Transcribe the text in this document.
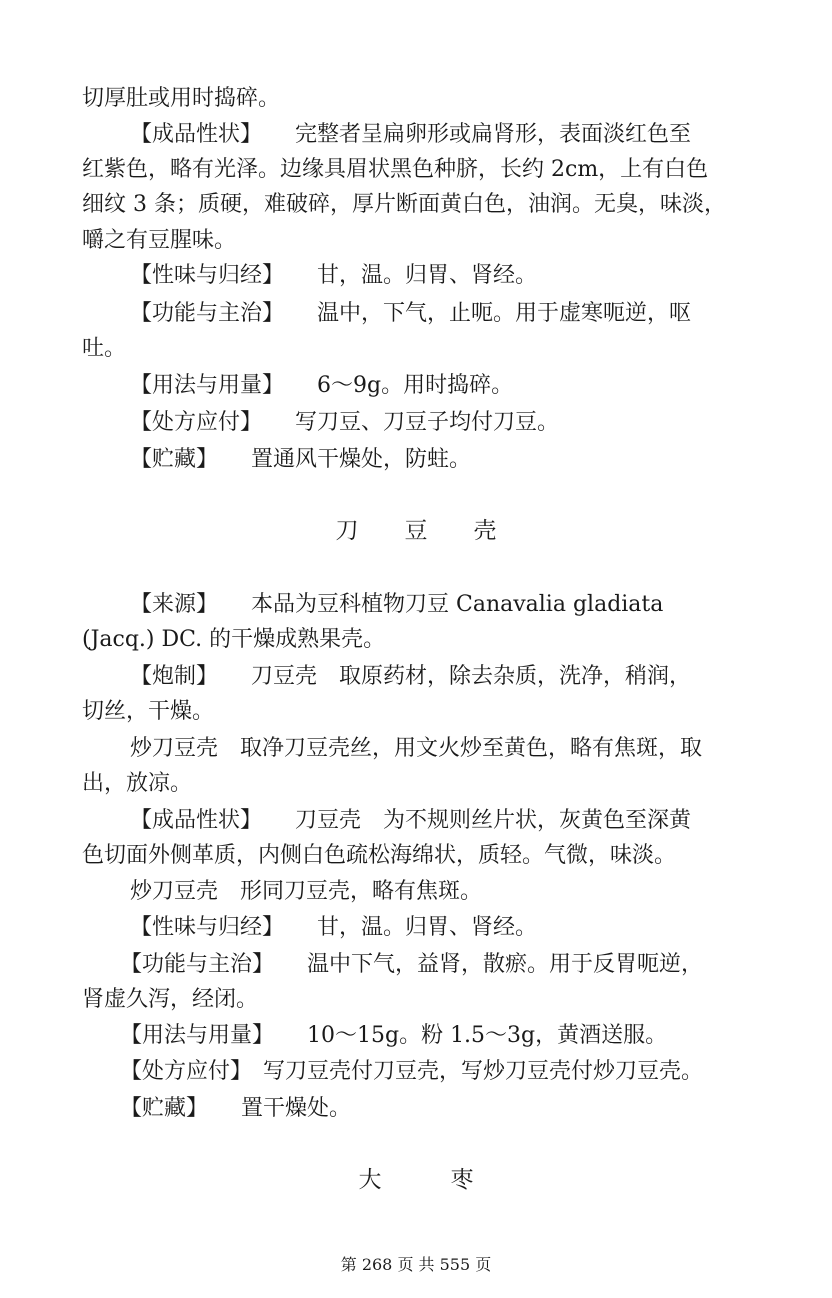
切厚肚或用时捣碎。
【成品性状】　　完整者呈扁卵形或扁肾形，表面淡红色至
红紫色，略有光泽。边缘具眉状黑色种脐，长约 2cm，上有白色
细纹 3 条；质硬，难破碎，厚片断面黄白色，油润。无臭，味淡，
嚼之有豆腥味。
【性味与归经】　　甘，温。归胃、肾经。
【功能与主治】　　温中，下气，止呃。用于虚寒呃逆，呕
吐。
【用法与用量】　　6～9g。用时捣碎。
【处方应付】　　写刀豆、刀豆子均付刀豆。
【贮藏】　　置通风干燥处，防蛀。
刀　　豆　　壳
【来源】　　本品为豆科植物刀豆 Canavalia gladiata
(Jacq.) DC. 的干燥成熟果壳。
【炮制】　　刀豆壳　取原药材，除去杂质，洗净，稍润，
切丝，干燥。
炒刀豆壳　取净刀豆壳丝，用文火炒至黄色，略有焦斑，取
出，放凉。
【成品性状】　　刀豆壳　为不规则丝片状，灰黄色至深黄
色切面外侧革质，内侧白色疏松海绵状，质轻。气微，味淡。
炒刀豆壳　形同刀豆壳，略有焦斑。
【性味与归经】　　甘，温。归胃、肾经。
【功能与主治】　　温中下气，益肾，散瘀。用于反胃呃逆，
肾虚久泻，经闭。
【用法与用量】　　10～15g。粉 1.5～3g，黄酒送服。
【处方应付】　写刀豆壳付刀豆壳，写炒刀豆壳付炒刀豆壳。
【贮藏】　　置干燥处。
大　　　枣
第 268 页 共 555 页
